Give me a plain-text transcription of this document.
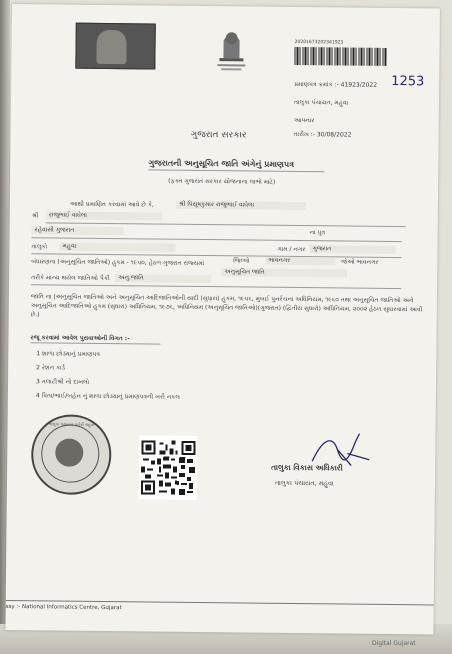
20201673202341923
પ્રમાણપત્ર ક્રમાંક :- 41923/2022 1253
તાલુકા પંચાયત, મહુવા
આપનાર
તારીખ :- 30/08/2022
ગુજરાત સરકાર
ગુજરાતની અનુસૂચિત જાતિ અંગેનું પ્રમાણપત્ર
(ફક્ત ગુજરાત સરકાર યોજનાના લાભો માટે)
આથી પ્રમાણિત કરવામાં આવે છે કે,	શ્રી પિયુષકુમાર રાજુભાઈ વાઘેલા
શ્રી	રાજુભાઈ વાઘેલા
ના પુત્ર
રહેવાસી ગુજરાત
તાલુકો	મહુવા	ગામ / નગર	ગુજરાત
બંધારણના (અનુસૂચિત જાતિઓ) હુકમ - ૧૯૫૦, હેઠળ ગુજરાત રાજ્યમાં	જિલ્લો	ભાવનગર	જેઓ ભાવનગર
અનુસૂચિત જાતિ
તરીકે માન્ય થયેલ જાતિઓ પૈકી	અનુ.જાતિ
જાતિ ના (અનુસૂચિત જાતિઓ અને અનુસૂચિત આદિજાતિઓની યાદી (સુધારા) હુકમ, ૧૯૫૬, મુંબઈ પુનર્રચના અધિનિયમ, ૧૯૬૦ તથા અનુસૂચિત જાતિઓ અને અનુસૂચિત આદિજાતિઓ હુકમ (સુધારા) અધિનિયમ, ૧૯૭૬, અધિનિયમ (અનુસૂચિત જાતિઓ)(ગુજરાત) (દ્વિતીય સુધારો) અધિનિયમ, ૨૦૦૨ હેઠળ સુધારવામાં આવી છે.)
રજૂ કરવામાં આવેલ પુરાવાઓની વિગત :-
1 શાળા છોડ્યાનું પ્રમાણપત્ર
2 રેશન કાર્ડ
3 તલાટીશ્રી નો દાખલો
4 પિતા/ભાઈ/બહેન નું શાળા છોડ્યાનું પ્રમાણપત્રની ખરી નકલ
તાલુકા પંચાયત કચેરી મહુવા
તાલુકા વિકાસ અધિકારી
તાલુકા પંચાયત, મહુવા
ssy :- National Informatics Centre, Gujarat
Digital Gujarat
